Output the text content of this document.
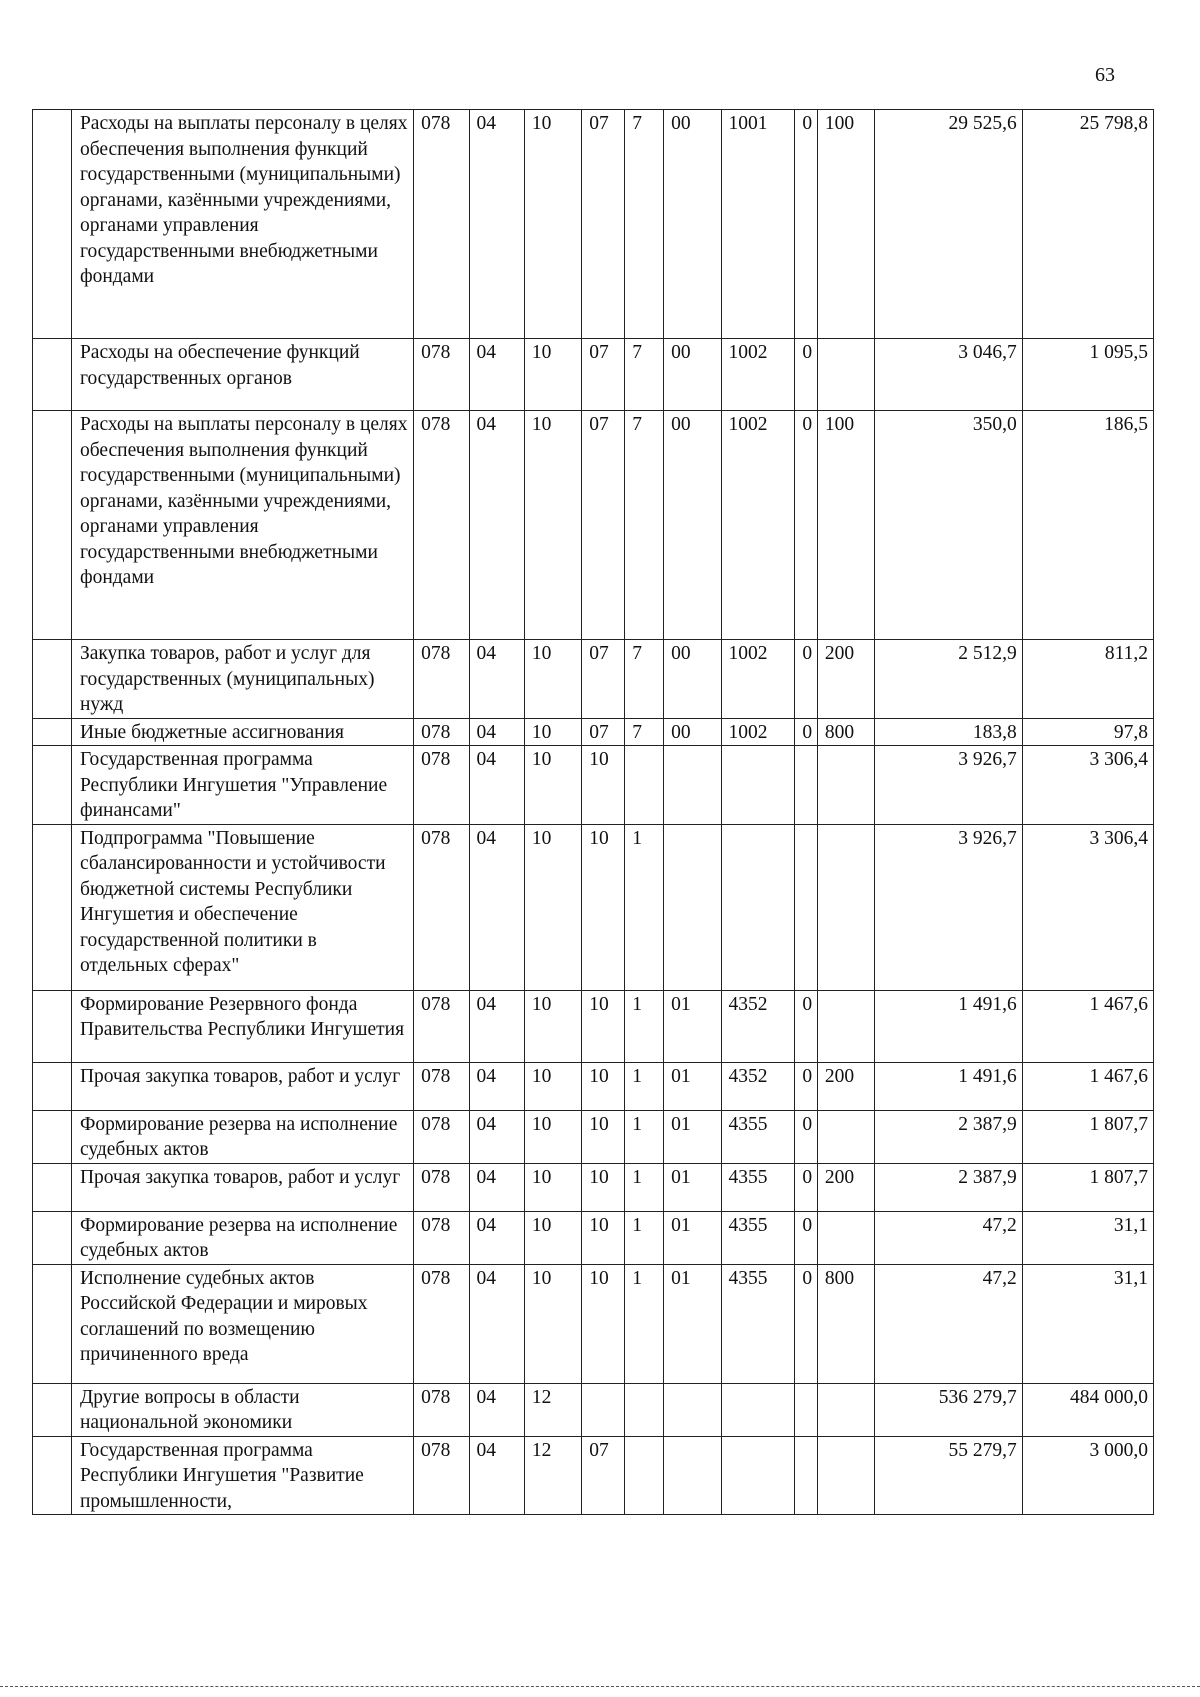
63
	Расходы на выплаты персоналу в целях обеспечения выполнения функций государственными (муниципальными) органами, казёнными учреждениями, органами управления государственными внебюджетными фондами	078	04	10	07	7	00	1001	0	100	29 525,6	25 798,8
	Расходы на обеспечение функций государственных органов	078	04	10	07	7	00	1002	0		3 046,7	1 095,5
	Расходы на выплаты персоналу в целях обеспечения выполнения функций государственными (муниципальными) органами, казёнными учреждениями, органами управления государственными внебюджетными фондами	078	04	10	07	7	00	1002	0	100	350,0	186,5
	Закупка товаров, работ и услуг для государственных (муниципальных) нужд	078	04	10	07	7	00	1002	0	200	2 512,9	811,2
	Иные бюджетные ассигнования	078	04	10	07	7	00	1002	0	800	183,8	97,8
	Государственная программа Республики Ингушетия "Управление финансами"	078	04	10	10						3 926,7	3 306,4
	Подпрограмма "Повышение сбалансированности и устойчивости бюджетной системы Республики Ингушетия и обеспечение государственной политики в отдельных сферах"	078	04	10	10	1					3 926,7	3 306,4
	Формирование Резервного фонда Правительства Республики Ингушетия	078	04	10	10	1	01	4352	0		1 491,6	1 467,6
	Прочая закупка товаров, работ и услуг	078	04	10	10	1	01	4352	0	200	1 491,6	1 467,6
	Формирование резерва на исполнение судебных актов	078	04	10	10	1	01	4355	0		2 387,9	1 807,7
	Прочая закупка товаров, работ и услуг	078	04	10	10	1	01	4355	0	200	2 387,9	1 807,7
	Формирование резерва на исполнение судебных актов	078	04	10	10	1	01	4355	0		47,2	31,1
	Исполнение судебных актов Российской Федерации и мировых соглашений по возмещению причиненного вреда	078	04	10	10	1	01	4355	0	800	47,2	31,1
	Другие вопросы в области национальной экономики	078	04	12							536 279,7	484 000,0
	Государственная программа Республики Ингушетия "Развитие промышленности,	078	04	12	07						55 279,7	3 000,0
